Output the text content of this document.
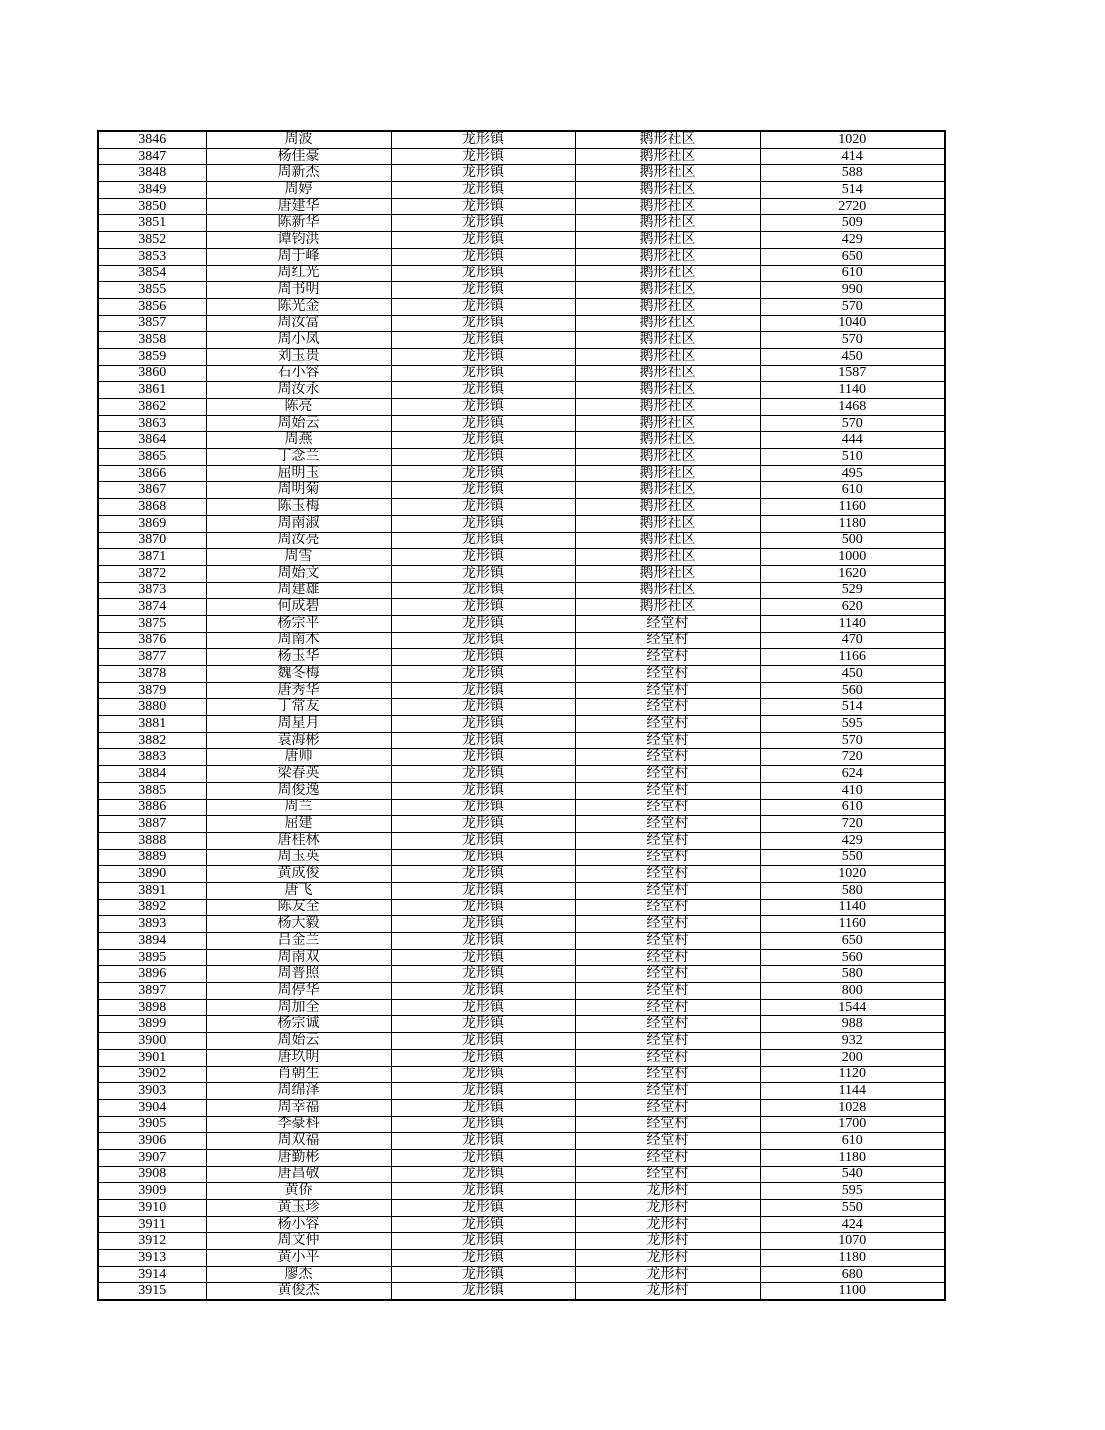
3846	周波	龙形镇	鹅形社区	1020
3847	杨佳豪	龙形镇	鹅形社区	414
3848	周新杰	龙形镇	鹅形社区	588
3849	周婷	龙形镇	鹅形社区	514
3850	唐建华	龙形镇	鹅形社区	2720
3851	陈新华	龙形镇	鹅形社区	509
3852	谭钧洪	龙形镇	鹅形社区	429
3853	周于峰	龙形镇	鹅形社区	650
3854	周红光	龙形镇	鹅形社区	610
3855	周书明	龙形镇	鹅形社区	990
3856	陈光金	龙形镇	鹅形社区	570
3857	周汝富	龙形镇	鹅形社区	1040
3858	周小凤	龙形镇	鹅形社区	570
3859	刘玉贵	龙形镇	鹅形社区	450
3860	石小容	龙形镇	鹅形社区	1587
3861	周汝永	龙形镇	鹅形社区	1140
3862	陈亮	龙形镇	鹅形社区	1468
3863	周始云	龙形镇	鹅形社区	570
3864	周燕	龙形镇	鹅形社区	444
3865	丁念兰	龙形镇	鹅形社区	510
3866	屈明玉	龙形镇	鹅形社区	495
3867	周明菊	龙形镇	鹅形社区	610
3868	陈玉梅	龙形镇	鹅形社区	1160
3869	周南淑	龙形镇	鹅形社区	1180
3870	周汝亮	龙形镇	鹅形社区	500
3871	周雪	龙形镇	鹅形社区	1000
3872	周始文	龙形镇	鹅形社区	1620
3873	周建雄	龙形镇	鹅形社区	529
3874	何成碧	龙形镇	鹅形社区	620
3875	杨宗平	龙形镇	经堂村	1140
3876	周南木	龙形镇	经堂村	470
3877	杨玉华	龙形镇	经堂村	1166
3878	魏冬梅	龙形镇	经堂村	450
3879	唐秀华	龙形镇	经堂村	560
3880	丁常友	龙形镇	经堂村	514
3881	周星月	龙形镇	经堂村	595
3882	袁海彬	龙形镇	经堂村	570
3883	唐帅	龙形镇	经堂村	720
3884	梁春英	龙形镇	经堂村	624
3885	周俊逸	龙形镇	经堂村	410
3886	周兰	龙形镇	经堂村	610
3887	屈建	龙形镇	经堂村	720
3888	唐桂林	龙形镇	经堂村	429
3889	周玉英	龙形镇	经堂村	550
3890	黄成俊	龙形镇	经堂村	1020
3891	唐飞	龙形镇	经堂村	580
3892	陈友全	龙形镇	经堂村	1140
3893	杨大毅	龙形镇	经堂村	1160
3894	吕金兰	龙形镇	经堂村	650
3895	周南双	龙形镇	经堂村	560
3896	周普照	龙形镇	经堂村	580
3897	周停华	龙形镇	经堂村	800
3898	周加全	龙形镇	经堂村	1544
3899	杨宗诚	龙形镇	经堂村	988
3900	周始云	龙形镇	经堂村	932
3901	唐玖明	龙形镇	经堂村	200
3902	肖朝生	龙形镇	经堂村	1120
3903	周绵泽	龙形镇	经堂村	1144
3904	周幸福	龙形镇	经堂村	1028
3905	李豪科	龙形镇	经堂村	1700
3906	周双福	龙形镇	经堂村	610
3907	唐勤彬	龙形镇	经堂村	1180
3908	唐昌敬	龙形镇	经堂村	540
3909	黄侨	龙形镇	龙形村	595
3910	黄玉珍	龙形镇	龙形村	550
3911	杨小容	龙形镇	龙形村	424
3912	周文仲	龙形镇	龙形村	1070
3913	黄小平	龙形镇	龙形村	1180
3914	廖杰	龙形镇	龙形村	680
3915	黄俊杰	龙形镇	龙形村	1100
